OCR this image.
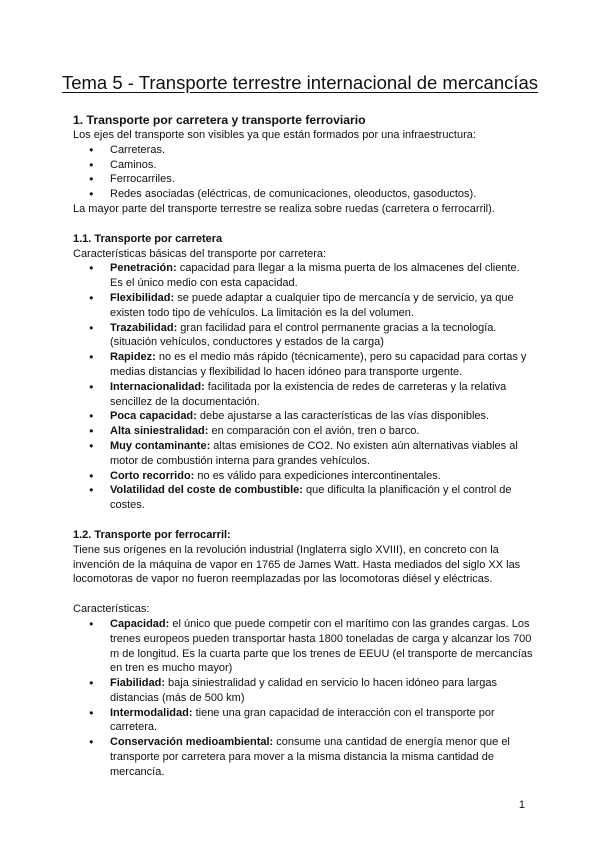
Tema 5 - Transporte terrestre internacional de mercancías

1. Transporte por carretera y transporte ferroviario

Los ejes del transporte son visibles ya que están formados por una infraestructura:

● Carreteras.
● Caminos.
● Ferrocarriles.
● Redes asociadas (eléctricas, de comunicaciones, oleoductos, gasoductos).

La mayor parte del transporte terrestre se realiza sobre ruedas (carretera o ferrocarril).

1.1. Transporte por carretera

Características básicas del transporte por carretera:

● Penetración: capacidad para llegar a la misma puerta de los almacenes del cliente. Es el único medio con esta capacidad.
● Flexibilidad: se puede adaptar a cualquier tipo de mercancía y de servicio, ya que existen todo tipo de vehículos. La limitación es la del volumen.
● Trazabilidad: gran facilidad para el control permanente gracias a la tecnología. (situación vehículos, conductores y estados de la carga)
● Rapidez: no es el medio más rápido (técnicamente), pero su capacidad para cortas y medias distancias y flexibilidad lo hacen idóneo para transporte urgente.
● Internacionalidad: facilitada por la existencia de redes de carreteras y la relativa sencillez de la documentación.
● Poca capacidad: debe ajustarse a las características de las vías disponibles.
● Alta siniestralidad: en comparación con el avión, tren o barco.
● Muy contaminante: altas emisiones de CO2. No existen aún alternativas viables al motor de combustión interna para grandes vehículos.
● Corto recorrido: no es válido para expediciones intercontinentales.
● Volatilidad del coste de combustible: que dificulta la planificación y el control de costes.

1.2. Transporte por ferrocarril:

Tiene sus orígenes en la revolución industrial (Inglaterra siglo XVIII), en concreto con la invención de la máquina de vapor en 1765 de James Watt. Hasta mediados del siglo XX las locomotoras de vapor no fueron reemplazadas por las locomotoras diésel y eléctricas.

Características:

● Capacidad: el único que puede competir con el marítimo con las grandes cargas. Los trenes europeos pueden transportar hasta 1800 toneladas de carga y alcanzar los 700 m de longitud. Es la cuarta parte que los trenes de EEUU (el transporte de mercancías en tren es mucho mayor)
● Fiabilidad: baja siniestralidad y calidad en servicio lo hacen idóneo para largas distancias (más de 500 km)
● Intermodalidad: tiene una gran capacidad de interacción con el transporte por carretera.
● Conservación medioambiental: consume una cantidad de energía menor que el transporte por carretera para mover a la misma distancia la misma cantidad de mercancía.
1
